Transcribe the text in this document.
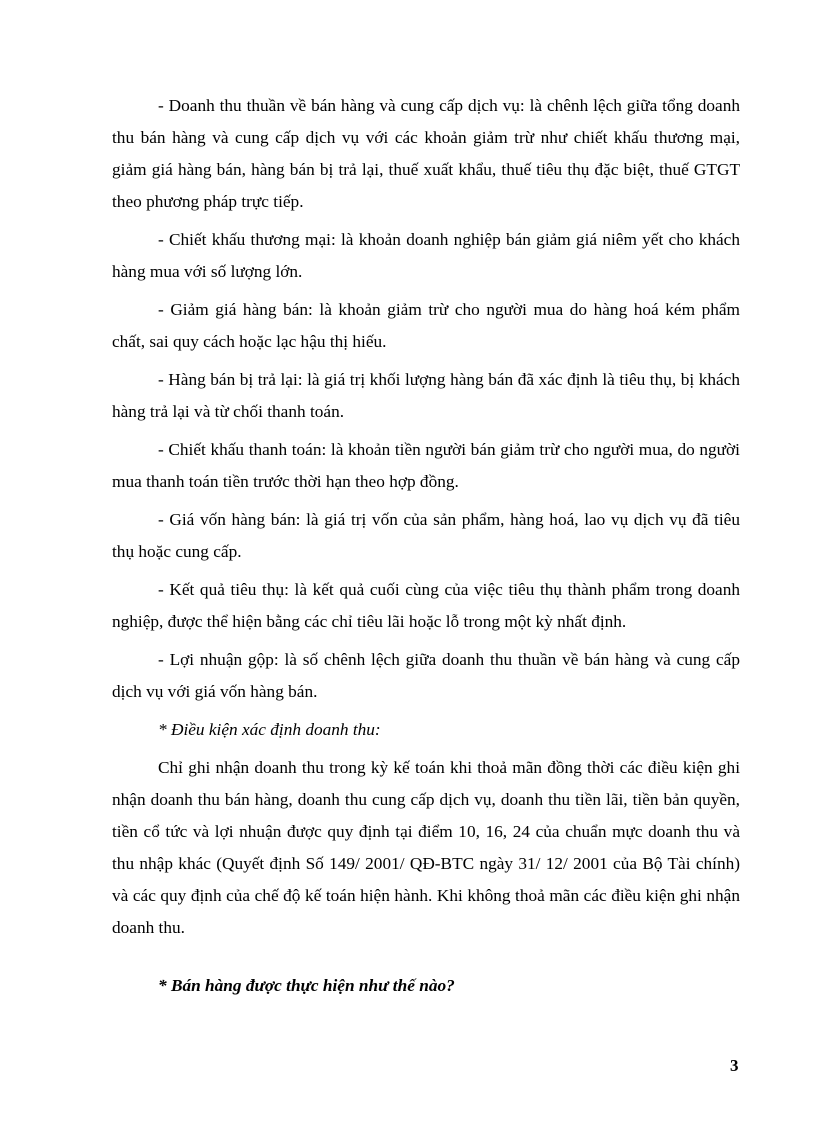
- Doanh thu thuần về bán hàng và cung cấp dịch vụ: là chênh lệch giữa tổng doanh thu bán hàng và cung cấp dịch vụ với các khoản giảm trừ như chiết khấu thương mại, giảm giá hàng bán, hàng bán bị trả lại, thuế xuất khẩu, thuế tiêu thụ đặc biệt, thuế GTGT theo phương pháp trực tiếp.

- Chiết khấu thương mại: là khoản doanh nghiệp bán giảm giá niêm yết cho khách hàng mua với số lượng lớn.

- Giảm giá hàng bán: là khoản giảm trừ cho người mua do hàng hoá kém phẩm chất, sai quy cách hoặc lạc hậu thị hiếu.

- Hàng bán bị trả lại: là giá trị khối lượng hàng bán đã xác định là tiêu thụ, bị khách hàng trả lại và từ chối thanh toán.

- Chiết khấu thanh toán: là khoản tiền người bán giảm trừ cho người mua, do người mua thanh toán tiền trước thời hạn theo hợp đồng.

- Giá vốn hàng bán: là giá trị vốn của sản phẩm, hàng hoá, lao vụ dịch vụ đã tiêu thụ hoặc cung cấp.

- Kết quả tiêu thụ: là kết quả cuối cùng của việc tiêu thụ thành phẩm trong doanh nghiệp, được thể hiện bằng các chỉ tiêu lãi hoặc lỗ trong một kỳ nhất định.

- Lợi nhuận gộp: là số chênh lệch giữa doanh thu thuần về bán hàng và cung cấp dịch vụ với giá vốn hàng bán.

* Điều kiện xác định doanh thu:

Chỉ ghi nhận doanh thu trong kỳ kế toán khi thoả mãn đồng thời các điều kiện ghi nhận doanh thu bán hàng, doanh thu cung cấp dịch vụ, doanh thu tiền lãi, tiền bản quyền, tiền cổ tức và lợi nhuận được quy định tại điểm 10, 16, 24 của chuẩn mực doanh thu và thu nhập khác (Quyết định Số 149/ 2001/ QĐ-BTC ngày 31/ 12/ 2001 của Bộ Tài chính) và các quy định của chế độ kế toán hiện hành. Khi không thoả mãn các điều kiện ghi nhận doanh thu.

* Bán hàng được thực hiện như thế nào?

3
